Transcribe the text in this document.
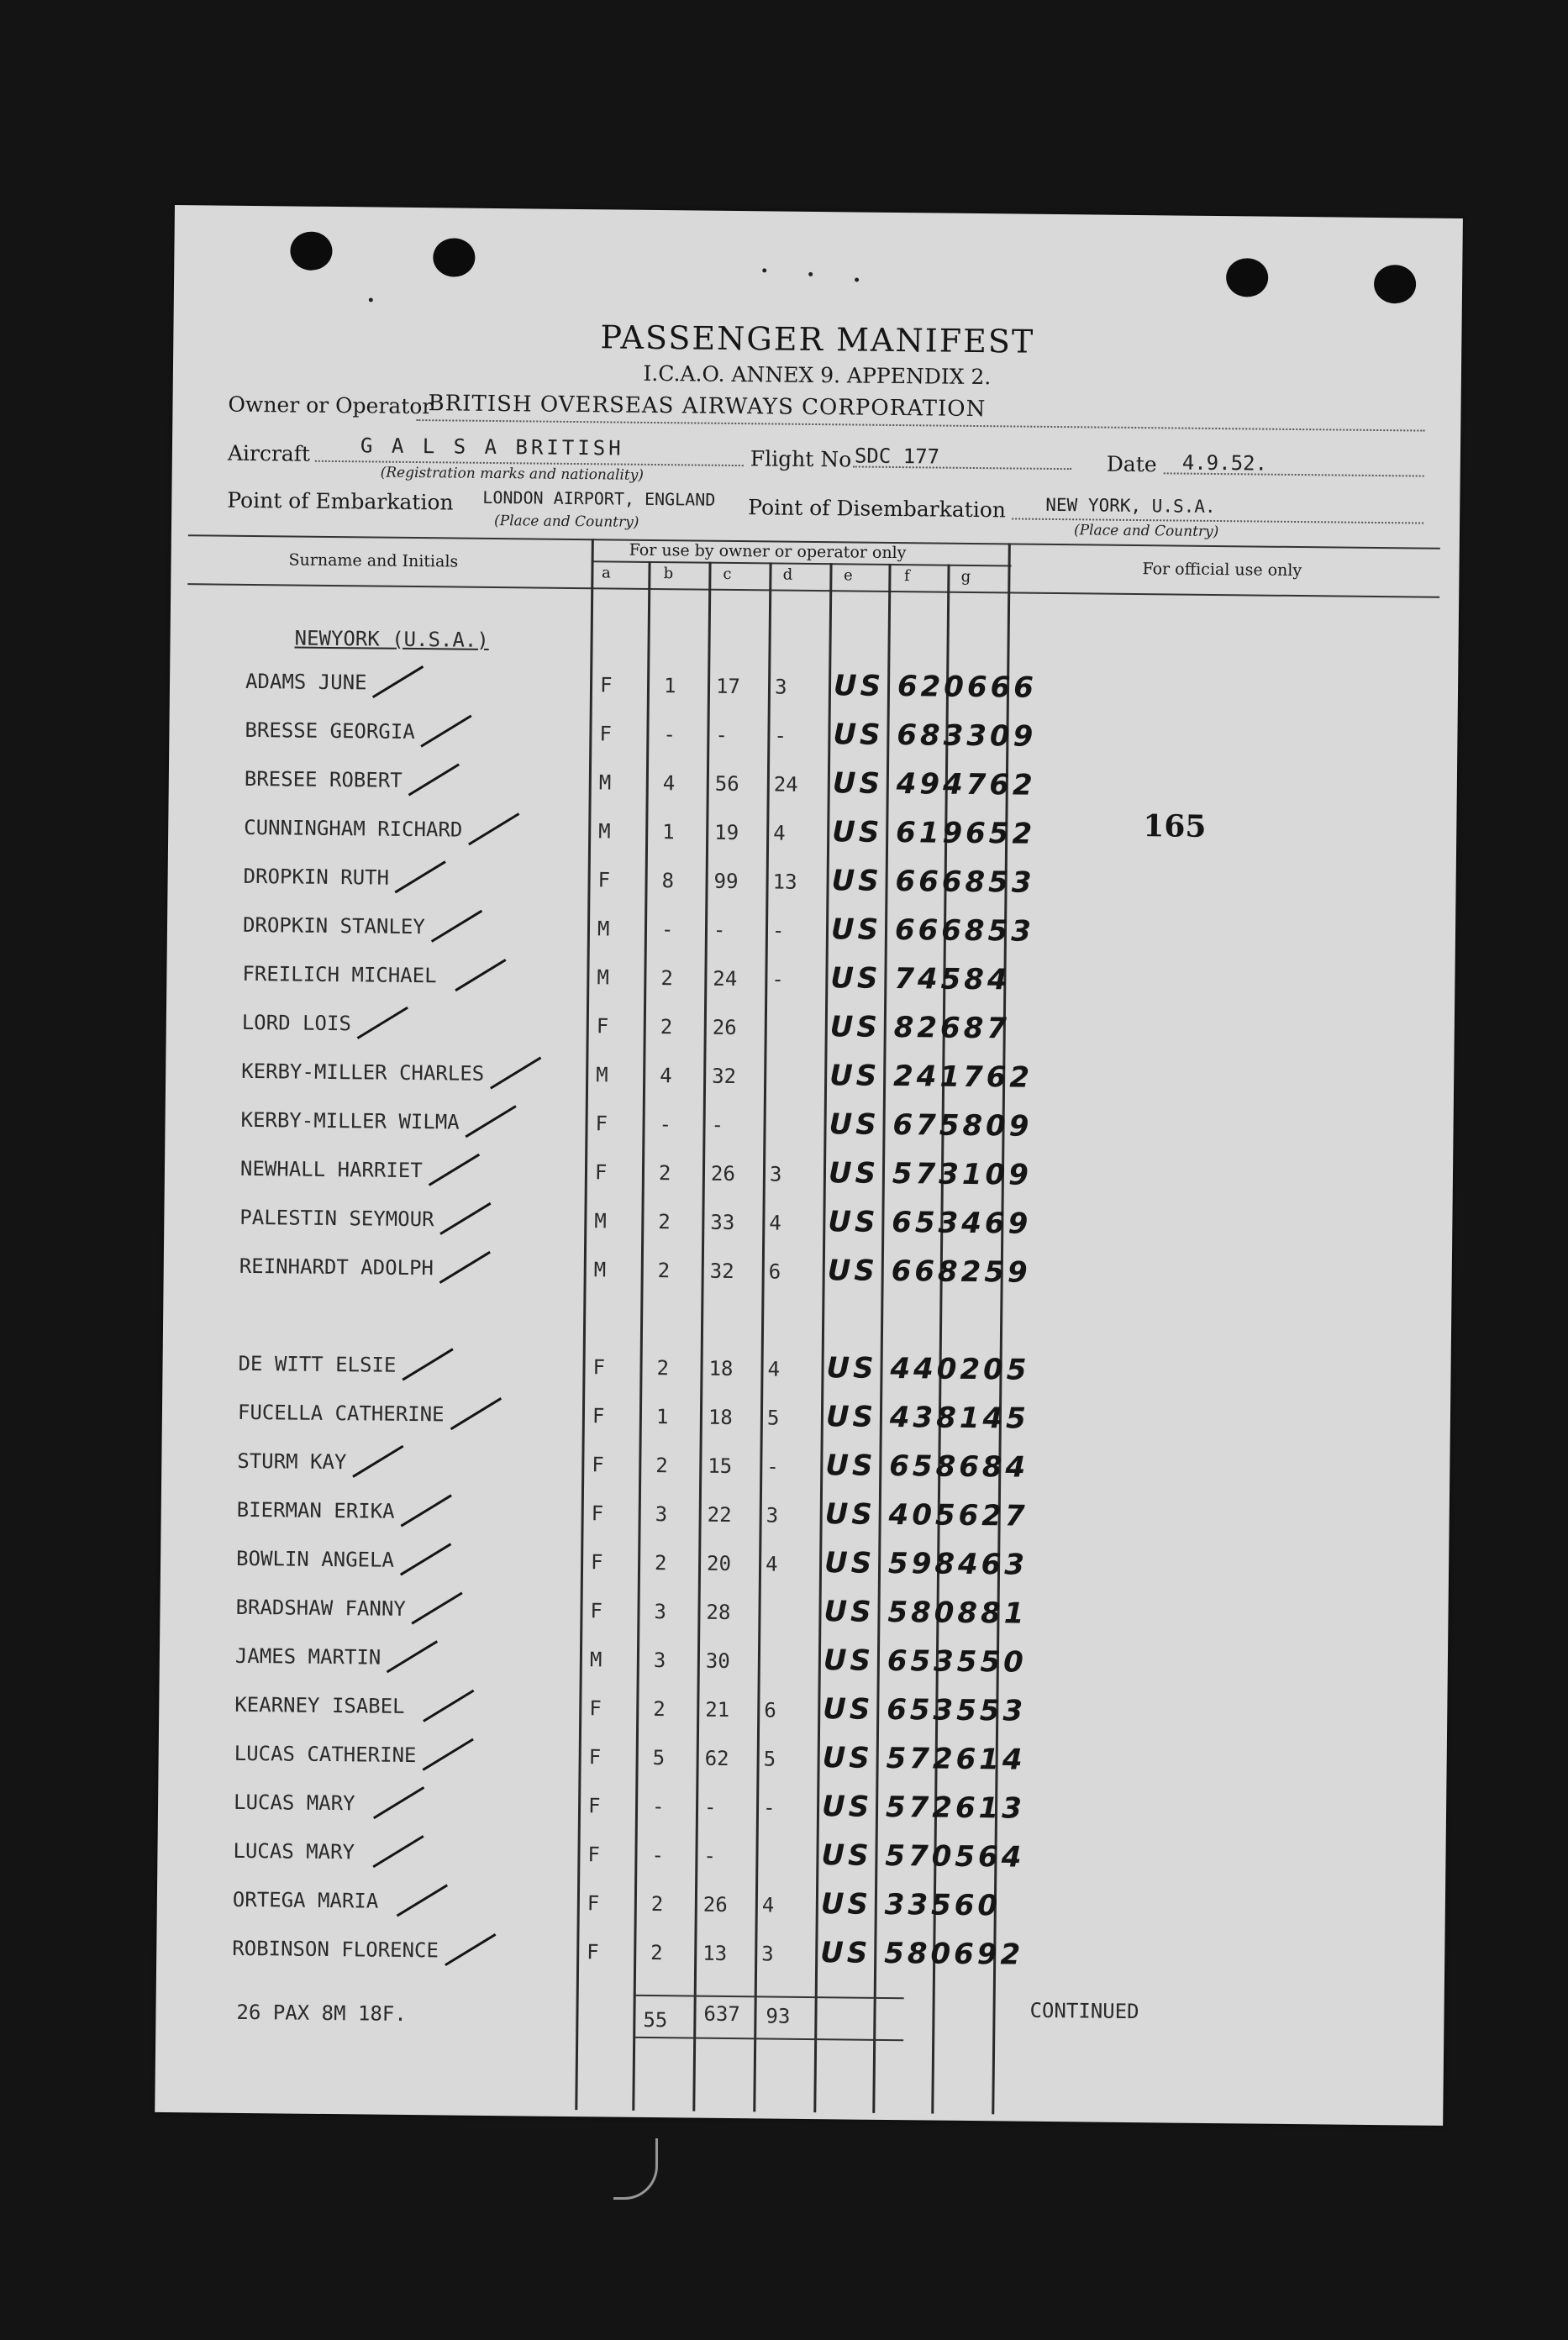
PASSENGER MANIFEST
I.C.A.O. ANNEX 9. APPENDIX 2.
Owner or Operator
BRITISH OVERSEAS AIRWAYS CORPORATION
Aircraft G A L S A BRITISH
(Registration marks and nationality)
Flight No SDC 177	Date 4.9.52.
Point of Embarkation LONDON AIRPORT, ENGLAND
(Place and Country)	Point of Disembarkation NEW YORK, U.S.A.
(Place and Country)
Surname and Initials	For use by owner or operator only
For official use only
a	b	c	d	e	f	g
NEWYORK (U.S.A.)
165
ADAMS JUNE	F	1 17 3 US 620666
BRESSE GEORGIA	F	- - - US 683309
BRESEE ROBERT	M	4 56 24 US 494762
CUNNINGHAM RICHARD	M	1 19 4 US 619652
DROPKIN RUTH	F	8 99 13 US 666853
DROPKIN STANLEY	M	- - - US 666853
FREILICH MICHAEL	M	2 24 - US 74584
LORD LOIS	F	2 26	US 82687
KERBY-MILLER CHARLES	M	4 32	US 241762
KERBY-MILLER WILMA	F	- -	US 675809
NEWHALL HARRIET	F	2 26 3 US 573109
PALESTIN SEYMOUR	M	2 33 4 US 653469
REINHARDT ADOLPH	M	2 32 6 US 668259
DE WITT ELSIE	F	2 18 4 US 440205
FUCELLA CATHERINE	F	1 18 5 US 438145
STURM KAY	F	2 15 - US 658684
BIERMAN ERIKA	F	3 22 3 US 405627
BOWLIN ANGELA	F	2 20 4 US 598463
BRADSHAW FANNY	F	3 28	US 580881
JAMES MARTIN	M	3 30	US 653550
KEARNEY ISABEL	F	2 21 6 US 653553
LUCAS CATHERINE	F	5 62 5 US 572614
LUCAS MARY	F	- - - US 572613
LUCAS MARY	F	- -	US 570564
ORTEGA MARIA	F	2 26 4 US 33560
ROBINSON FLORENCE	F	2 13 3 US 580692
26 PAX 8M 18F.	55 637 93	CONTINUED
